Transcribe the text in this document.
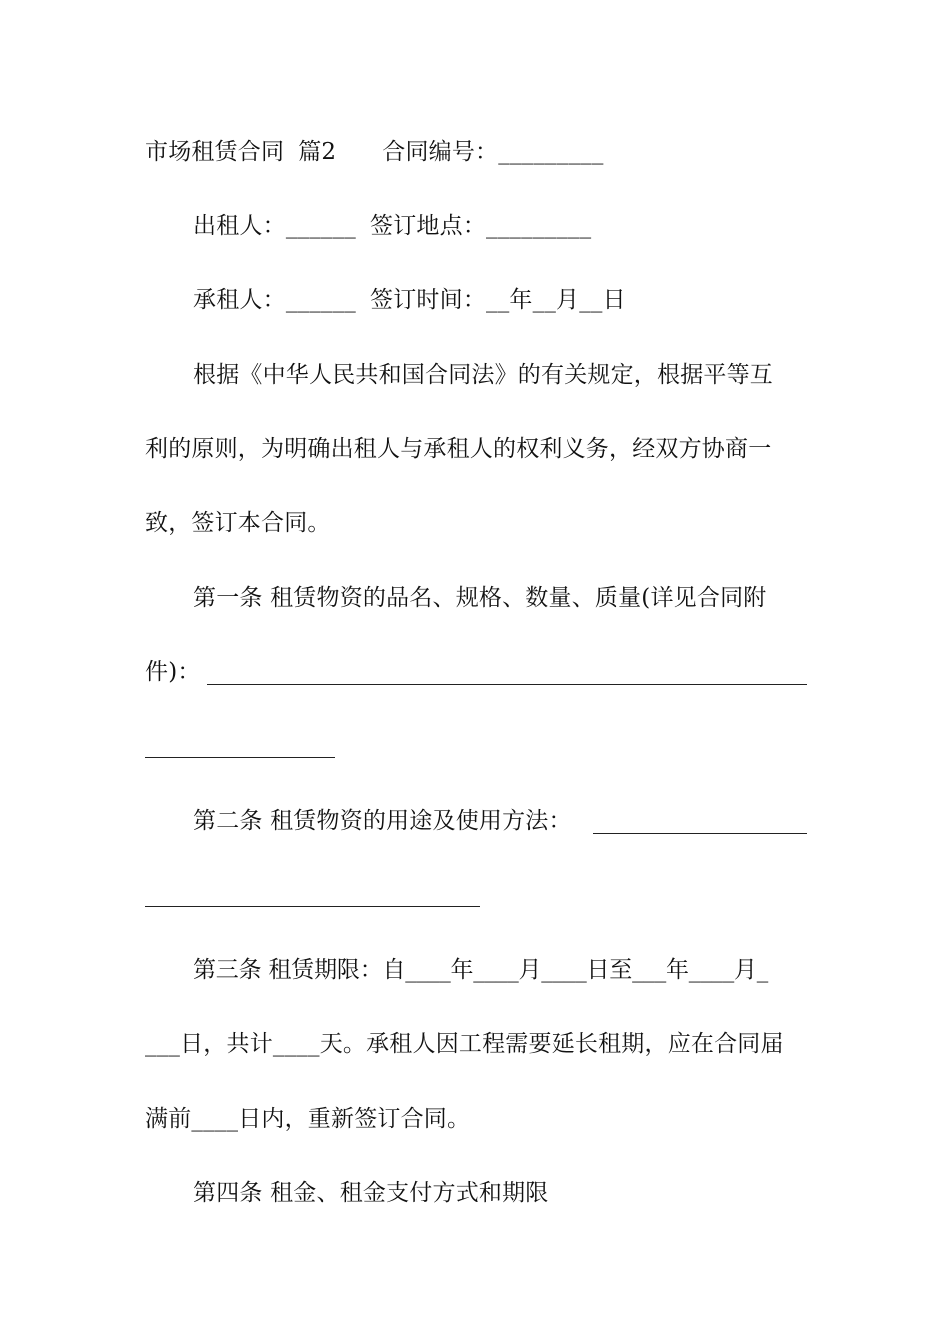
市场租赁合同 篇2 合同编号：_________
出租人：______ 签订地点：_________
承租人：______ 签订时间：__年__月__日
根据《中华人民共和国合同法》的有关规定，根据平等互
利的原则，为明确出租人与承租人的权利义务，经双方协商一
致，签订本合同。
第一条 租赁物资的品名、规格、数量、质量(详见合同附
件)：
第二条 租赁物资的用途及使用方法：
第三条 租赁期限：自____年____月____日至___年____月_
___日，共计____天。承租人因工程需要延长租期，应在合同届
满前____日内，重新签订合同。
第四条 租金、租金支付方式和期限
